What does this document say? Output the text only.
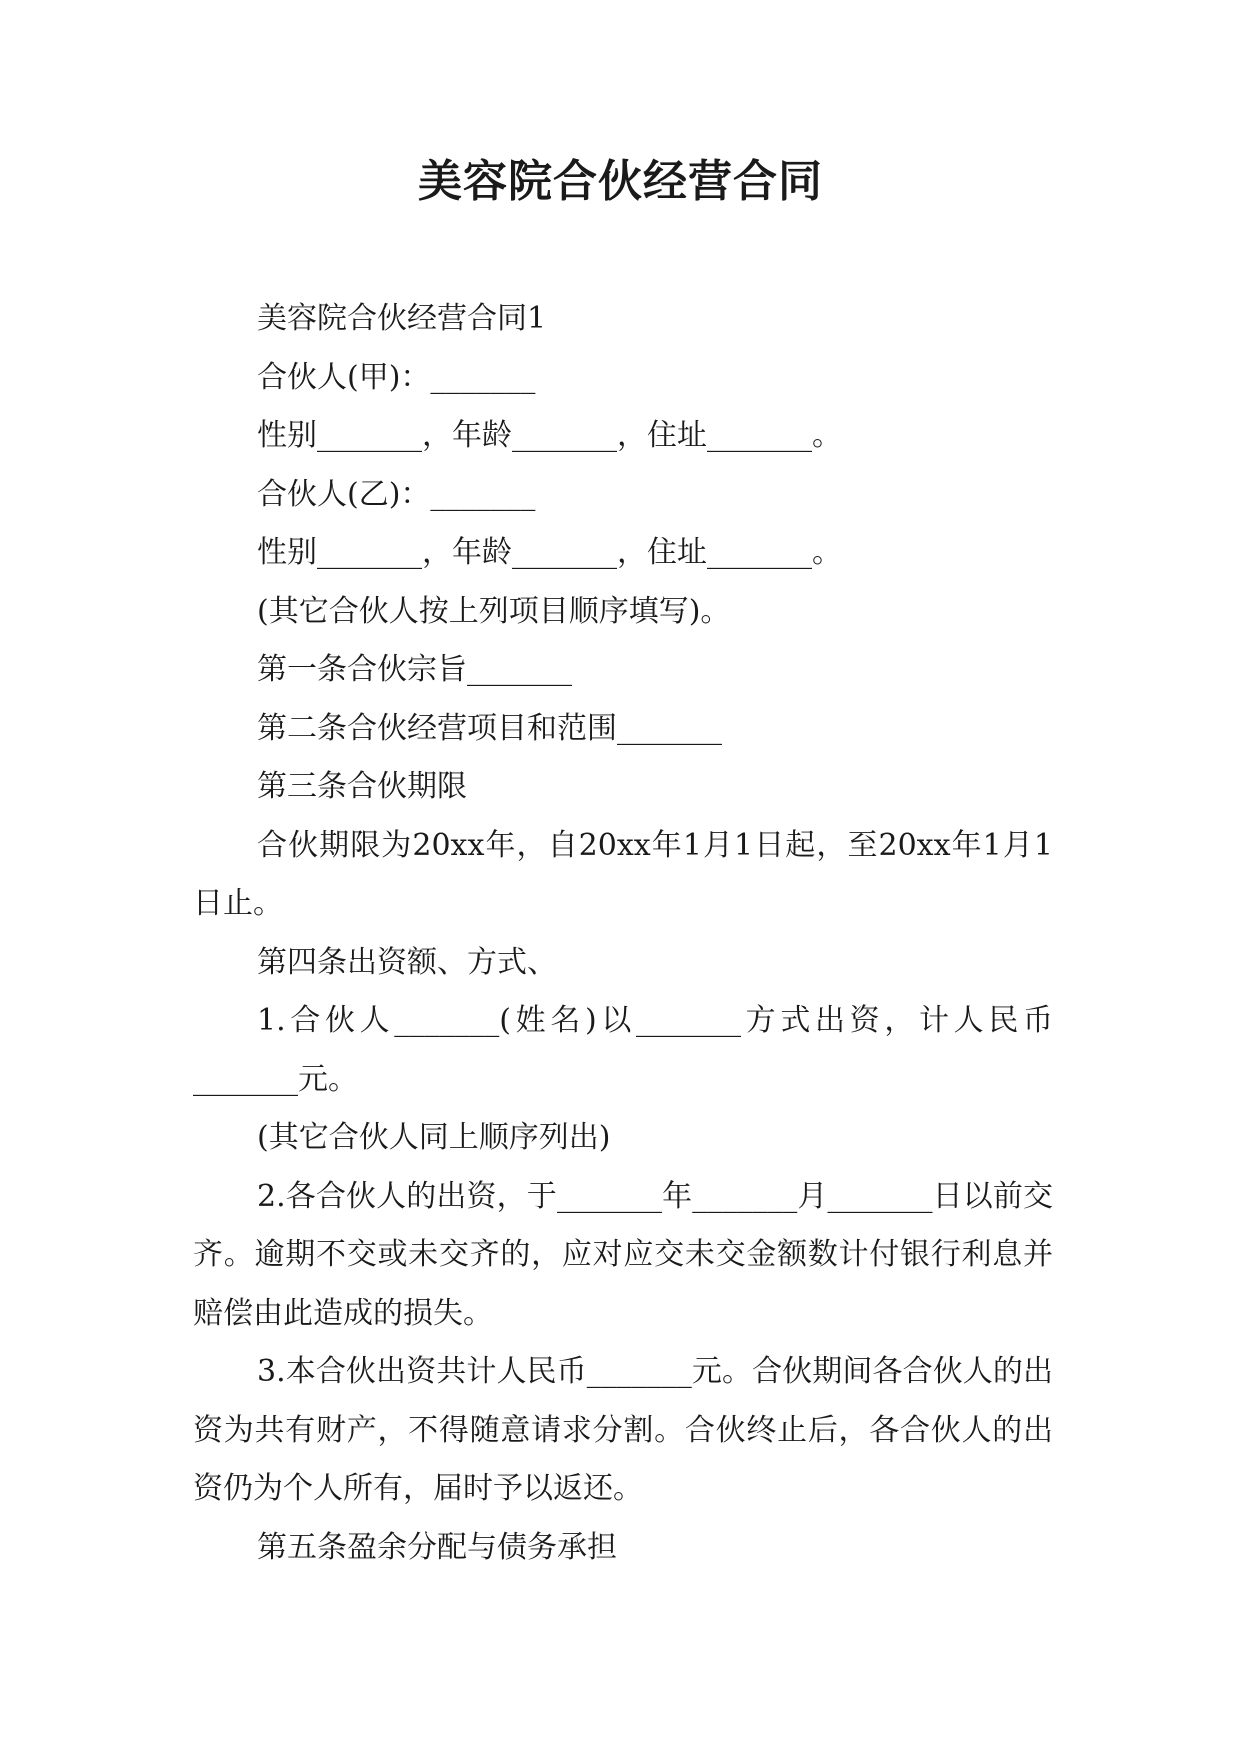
美容院合伙经营合同

美容院合伙经营合同1

合伙人(甲)：_______

性别_______，年龄_______，住址_______。

合伙人(乙)：_______

性别_______，年龄_______，住址_______。

(其它合伙人按上列项目顺序填写)。

第一条合伙宗旨_______

第二条合伙经营项目和范围_______

第三条合伙期限

合伙期限为20xx年，自20xx年1月1日起，至20xx年1月1日止。

第四条出资额、方式、

1.合伙人_______(姓名)以_______方式出资，计人民币_______元。

(其它合伙人同上顺序列出)

2.各合伙人的出资，于_______年_______月_______日以前交齐。逾期不交或未交齐的，应对应交未交金额数计付银行利息并赔偿由此造成的损失。

3.本合伙出资共计人民币_______元。合伙期间各合伙人的出资为共有财产，不得随意请求分割。合伙终止后，各合伙人的出资仍为个人所有，届时予以返还。

第五条盈余分配与债务承担
